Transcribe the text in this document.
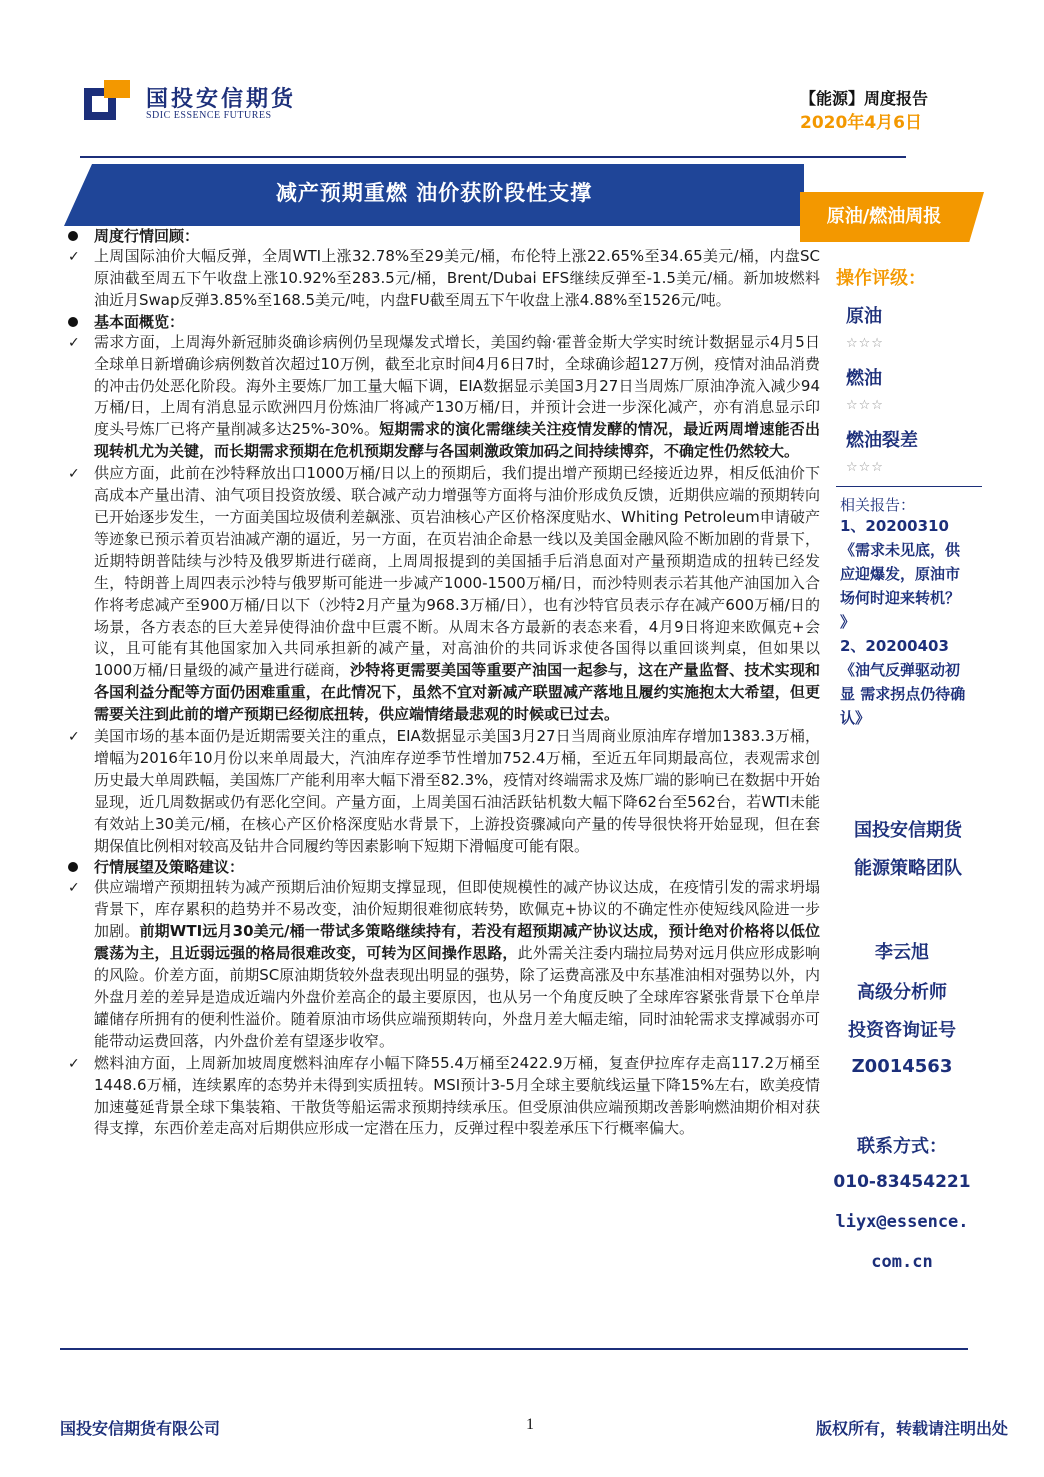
国投安信期货
SDIC ESSENCE FUTURES
【能源】周度报告
2020年4月6日
减产预期重燃 油价获阶段性支撑
原油/燃油周报
周度行情回顾：

✓ 上周国际油价大幅反弹，全周WTI上涨32.78%至29美元/桶，布伦特上涨22.65%至34.65美元/桶，内盘SC原油截至周五下午收盘上涨10.92%至283.5元/桶，Brent/Dubai EFS继续反弹至-1.5美元/桶。新加坡燃料油近月Swap反弹3.85%至168.5美元/吨，内盘FU截至周五下午收盘上涨4.88%至1526元/吨。

基本面概览：

✓ 需求方面，上周海外新冠肺炎确诊病例仍呈现爆发式增长，美国约翰·霍普金斯大学实时统计数据显示4月5日全球单日新增确诊病例数首次超过10万例，截至北京时间4月6日7时，全球确诊超127万例，疫情对油品消费的冲击仍处恶化阶段。海外主要炼厂加工量大幅下调，EIA数据显示美国3月27日当周炼厂原油净流入减少94万桶/日，上周有消息显示欧洲四月份炼油厂将减产130万桶/日，并预计会进一步深化减产，亦有消息显示印度头号炼厂已将产量削减多达25%-30%。短期需求的演化需继续关注疫情发酵的情况，最近两周增速能否出现转机尤为关键，而长期需求预期在危机预期发酵与各国刺激政策加码之间持续博弈，不确定性仍然较大。

✓ 供应方面，此前在沙特释放出口1000万桶/日以上的预期后，我们提出增产预期已经接近边界，相反低油价下高成本产量出清、油气项目投资放缓、联合减产动力增强等方面将与油价形成负反馈，近期供应端的预期转向已开始逐步发生，一方面美国垃圾债利差飙涨、页岩油核心产区价格深度贴水、Whiting Petroleum申请破产等迹象已预示着页岩油减产潮的逼近，另一方面，在页岩油企命悬一线以及美国金融风险不断加剧的背景下，近期特朗普陆续与沙特及俄罗斯进行磋商，上周周报提到的美国插手后消息面对产量预期造成的扭转已经发生，特朗普上周四表示沙特与俄罗斯可能进一步减产1000-1500万桶/日，而沙特则表示若其他产油国加入合作将考虑减产至900万桶/日以下（沙特2月产量为968.3万桶/日），也有沙特官员表示存在减产600万桶/日的场景，各方表态的巨大差异使得油价盘中巨震不断。从周末各方最新的表态来看，4月9日将迎来欧佩克+会议，且可能有其他国家加入共同承担新的减产量，对高油价的共同诉求使各国得以重回谈判桌，但如果以1000万桶/日量级的减产量进行磋商，沙特将更需要美国等重要产油国一起参与，这在产量监督、技术实现和各国利益分配等方面仍困难重重，在此情况下，虽然不宜对新减产联盟减产落地且履约实施抱太大希望，但更需要关注到此前的增产预期已经彻底扭转，供应端情绪最悲观的时候或已过去。

✓ 美国市场的基本面仍是近期需要关注的重点，EIA数据显示美国3月27日当周商业原油库存增加1383.3万桶，增幅为2016年10月份以来单周最大，汽油库存逆季节性增加752.4万桶，至近五年同期最高位，表观需求创历史最大单周跌幅，美国炼厂产能利用率大幅下滑至82.3%，疫情对终端需求及炼厂端的影响已在数据中开始显现，近几周数据或仍有恶化空间。产量方面，上周美国石油活跃钻机数大幅下降62台至562台，若WTI未能有效站上30美元/桶，在核心产区价格深度贴水背景下，上游投资骤减向产量的传导很快将开始显现，但在套期保值比例相对较高及钻井合同履约等因素影响下短期下滑幅度可能有限。

行情展望及策略建议：

✓ 供应端增产预期扭转为减产预期后油价短期支撑显现，但即使规模性的减产协议达成，在疫情引发的需求坍塌背景下，库存累积的趋势并不易改变，油价短期很难彻底转势，欧佩克+协议的不确定性亦使短线风险进一步加剧。前期WTI远月30美元/桶一带试多策略继续持有，若没有超预期减产协议达成，预计绝对价格将以低位震荡为主，且近弱远强的格局很难改变，可转为区间操作思路，此外需关注委内瑞拉局势对远月供应形成影响的风险。价差方面，前期SC原油期货较外盘表现出明显的强势，除了运费高涨及中东基准油相对强势以外，内外盘月差的差异是造成近端内外盘价差高企的最主要原因，也从另一个角度反映了全球库容紧张背景下仓单岸罐储存所拥有的便利性溢价。随着原油市场供应端预期转向，外盘月差大幅走缩，同时油轮需求支撑减弱亦可能带动运费回落，内外盘价差有望逐步收窄。

✓ 燃料油方面，上周新加坡周度燃料油库存小幅下降55.4万桶至2422.9万桶，复查伊拉库存走高117.2万桶至1448.6万桶，连续累库的态势并未得到实质扭转。MSI预计3-5月全球主要航线运量下降15%左右，欧美疫情加速蔓延背景全球下集装箱、干散货等船运需求预期持续承压。但受原油供应端预期改善影响燃油期价相对获得支撑，东西价差走高对后期供应形成一定潜在压力，反弹过程中裂差承压下行概率偏大。

操作评级：
原油
☆☆☆
燃油
☆☆☆
燃油裂差
☆☆☆
相关报告：
1、20200310
《需求未见底，供
应迎爆发，原油市
场何时迎来转机？
》
2、20200403
《油气反弹驱动初
显 需求拐点仍待确
认》
国投安信期货
能源策略团队
李云旭
高级分析师
投资咨询证号
Z0014563
联系方式：
010-83454221
liyx@essence.
com.cn
国投安信期货有限公司	1	版权所有，转载请注明出处
